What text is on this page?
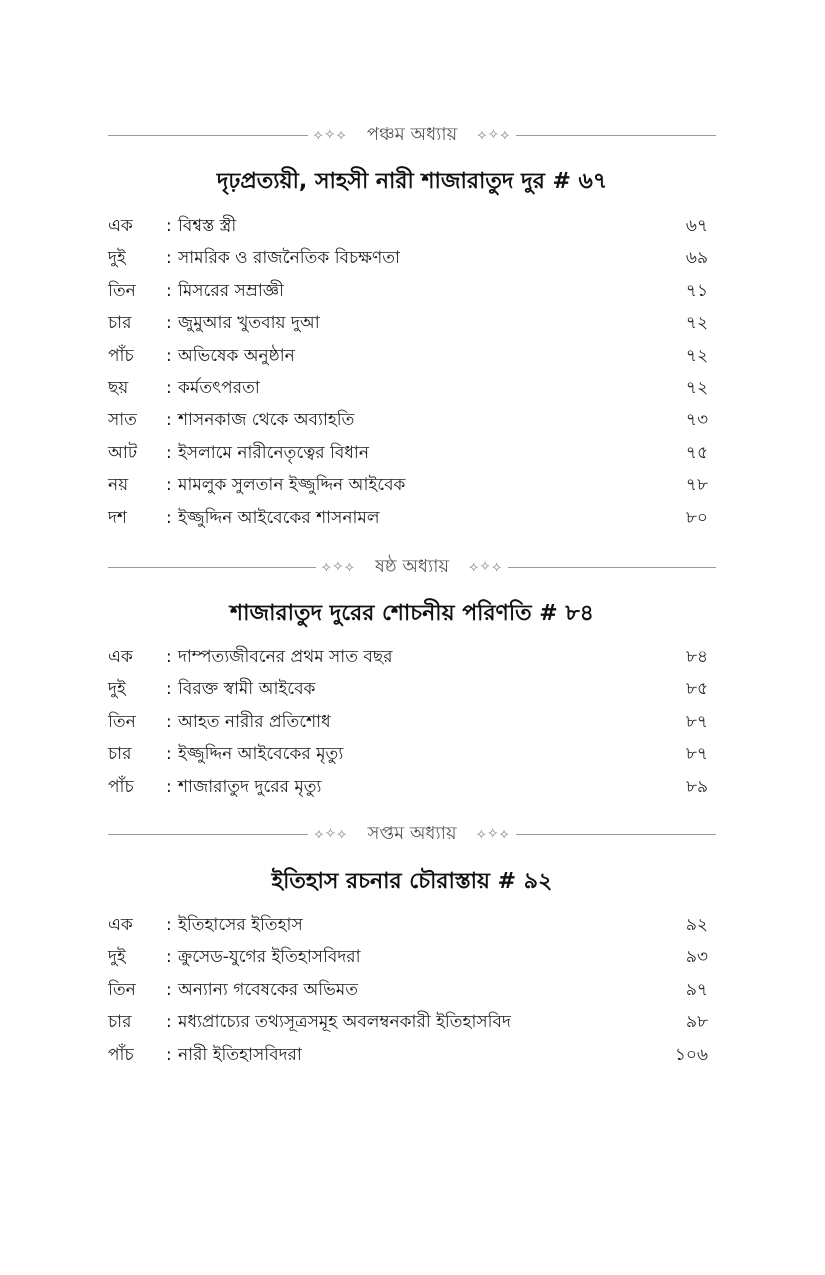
⟡✧⟡	পঞ্চম অধ্যায়	⟡✧⟡
দৃঢ়প্রত্যয়ী, সাহসী নারী শাজারাতুদ দুর # ৬৭
এক : বিশ্বস্ত স্ত্রী	৬৭
দুই : সামরিক ও রাজনৈতিক বিচক্ষণতা	৬৯
তিন : মিসরের সম্রাজ্ঞী	৭১
চার : জুমুআর খুতবায় দুআ	৭২
পাঁচ : অভিষেক অনুষ্ঠান	৭২
ছয় : কর্মতৎপরতা	৭২
সাত : শাসনকাজ থেকে অব্যাহতি	৭৩
আট : ইসলামে নারীনেতৃত্বের বিধান	৭৫
নয় : মামলুক সুলতান ইজ্জুদ্দিন আইবেক	৭৮
দশ : ইজ্জুদ্দিন আইবেকের শাসনামল	৮০
⟡✧⟡	ষষ্ঠ অধ্যায়	⟡✧⟡
শাজারাতুদ দুরের শোচনীয় পরিণতি # ৮৪
এক : দাম্পত্যজীবনের প্রথম সাত বছর	৮৪
দুই : বিরক্ত স্বামী আইবেক	৮৫
তিন : আহত নারীর প্রতিশোধ	৮৭
চার : ইজ্জুদ্দিন আইবেকের মৃত্যু	৮৭
পাঁচ : শাজারাতুদ দুরের মৃত্যু	৮৯
⟡✧⟡	সপ্তম অধ্যায়	⟡✧⟡
ইতিহাস রচনার চৌরাস্তায় # ৯২
এক : ইতিহাসের ইতিহাস	৯২
দুই : ক্রুসেড-যুগের ইতিহাসবিদরা	৯৩
তিন : অন্যান্য গবেষকের অভিমত	৯৭
চার : মধ্যপ্রাচ্যের তথ্যসূত্রসমূহ অবলম্বনকারী ইতিহাসবিদ	৯৮
পাঁচ : নারী ইতিহাসবিদরা	১০৬
